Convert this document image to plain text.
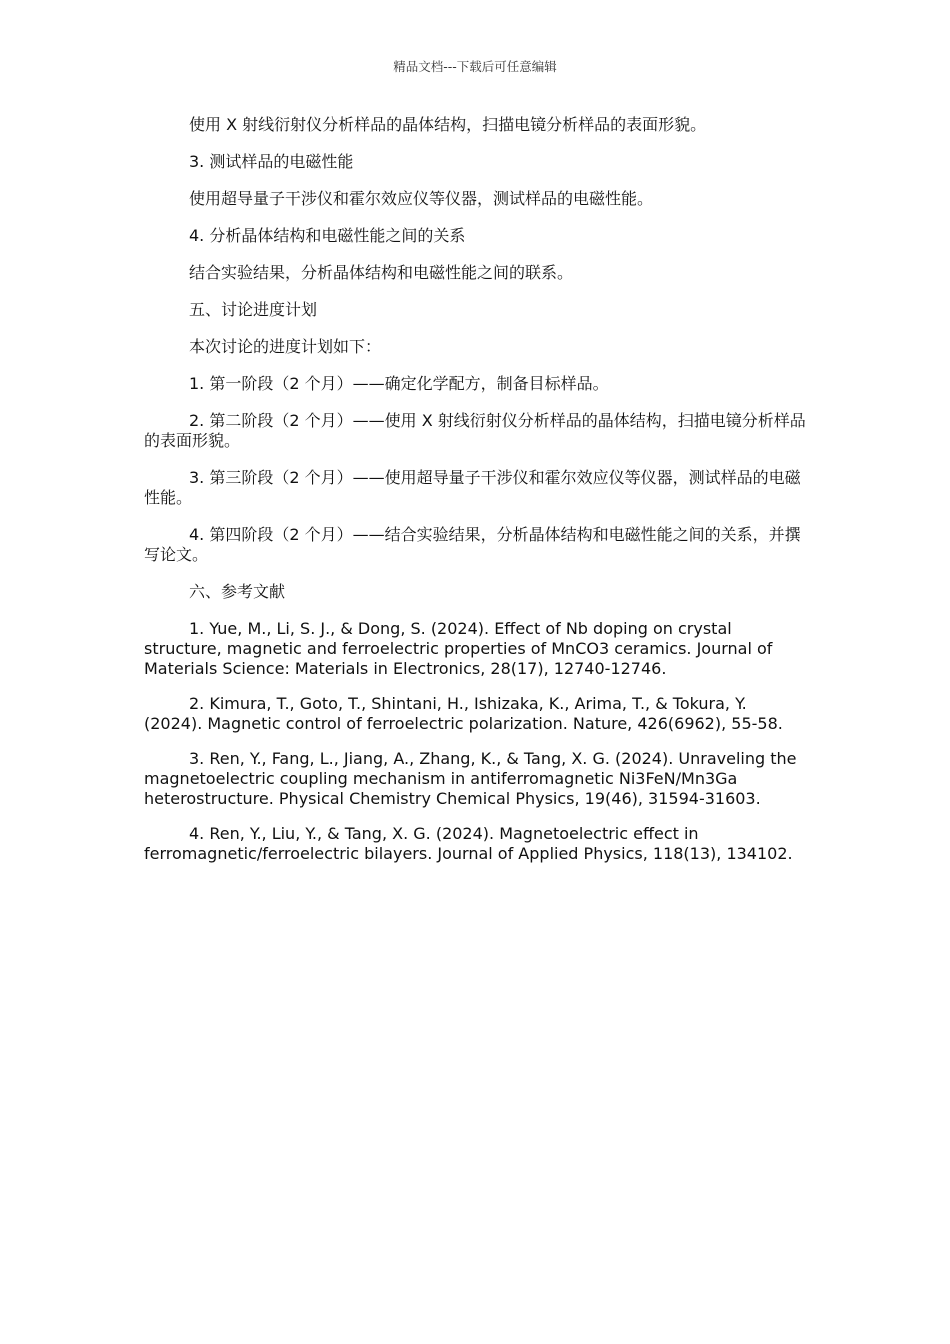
精品文档---下载后可任意编辑

使用 X 射线衍射仪分析样品的晶体结构，扫描电镜分析样品的表面形貌。

3. 测试样品的电磁性能

使用超导量子干涉仪和霍尔效应仪等仪器，测试样品的电磁性能。

4. 分析晶体结构和电磁性能之间的关系

结合实验结果，分析晶体结构和电磁性能之间的联系。

五、讨论进度计划

本次讨论的进度计划如下：

1. 第一阶段（2 个月）——确定化学配方，制备目标样品。

2. 第二阶段（2 个月）——使用 X 射线衍射仪分析样品的晶体结构，扫描电镜分析样品的表面形貌。

3. 第三阶段（2 个月）——使用超导量子干涉仪和霍尔效应仪等仪器，测试样品的电磁性能。

4. 第四阶段（2 个月）——结合实验结果，分析晶体结构和电磁性能之间的关系，并撰写论文。

六、参考文献

1. Yue, M., Li, S. J., & Dong, S. (2024). Effect of Nb doping on crystal structure, magnetic and ferroelectric properties of MnCO3 ceramics. Journal of Materials Science: Materials in Electronics, 28(17), 12740-12746.

2. Kimura, T., Goto, T., Shintani, H., Ishizaka, K., Arima, T., & Tokura, Y. (2024). Magnetic control of ferroelectric polarization. Nature, 426(6962), 55-58.

3. Ren, Y., Fang, L., Jiang, A., Zhang, K., & Tang, X. G. (2024). Unraveling the magnetoelectric coupling mechanism in antiferromagnetic Ni3FeN/Mn3Ga heterostructure. Physical Chemistry Chemical Physics, 19(46), 31594-31603.

4. Ren, Y., Liu, Y., & Tang, X. G. (2024). Magnetoelectric effect in ferromagnetic/ferroelectric bilayers. Journal of Applied Physics, 118(13), 134102.
